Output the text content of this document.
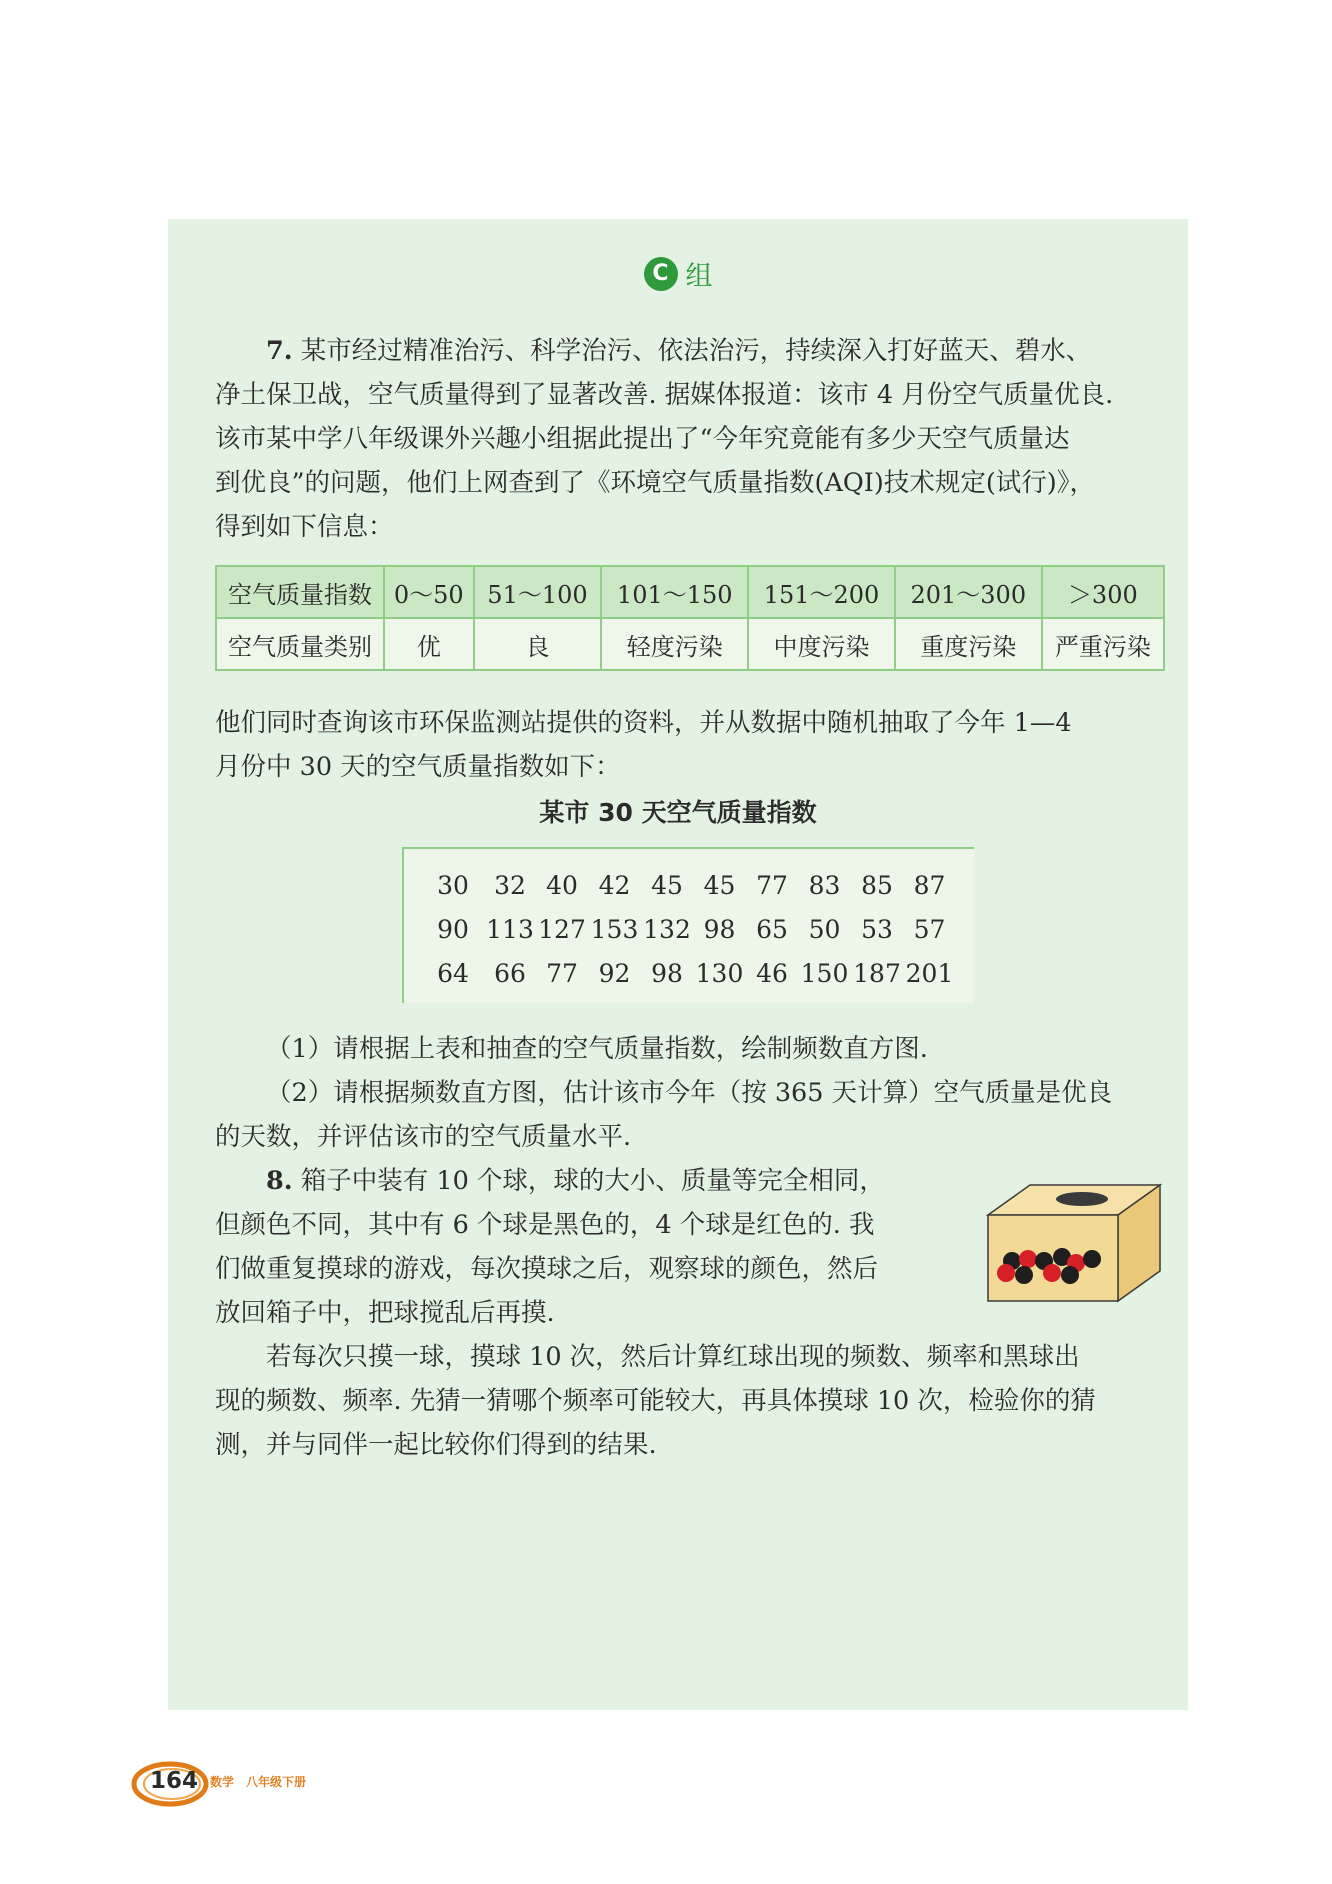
C 组

7. 某市经过精准治污、科学治污、依法治污，持续深入打好蓝天、碧水、

净土保卫战，空气质量得到了显著改善. 据媒体报道：该市 4 月份空气质量优良.

该市某中学八年级课外兴趣小组据此提出了“今年究竟能有多少天空气质量达

到优良”的问题，他们上网查到了《环境空气质量指数(AQI)技术规定(试行)》，

得到如下信息：

空气质量指数	0～50	51～100	101～150	151～200	201～300	＞300
空气质量类别	优	良	轻度污染	中度污染	重度污染	严重污染

他们同时查询该市环保监测站提供的资料，并从数据中随机抽取了今年 1—4

月份中 30 天的空气质量指数如下：

某市 30 天空气质量指数
30	32 40 42 45 45 77 83 85 87
90 113 127 153 132 98 65 50 53 57
64	66 77 92 98 130 46 150 187 201

（1）请根据上表和抽查的空气质量指数，绘制频数直方图.

（2）请根据频数直方图，估计该市今年（按 365 天计算）空气质量是优良

的天数，并评估该市的空气质量水平.

8. 箱子中装有 10 个球，球的大小、质量等完全相同，

但颜色不同，其中有 6 个球是黑色的，4 个球是红色的. 我

们做重复摸球的游戏，每次摸球之后，观察球的颜色，然后

放回箱子中，把球搅乱后再摸.

若每次只摸一球，摸球 10 次，然后计算红球出现的频数、频率和黑球出

现的频数、频率. 先猜一猜哪个频率可能较大，再具体摸球 10 次，检验你的猜

测，并与同伴一起比较你们得到的结果.

164 数学　八年级下册
